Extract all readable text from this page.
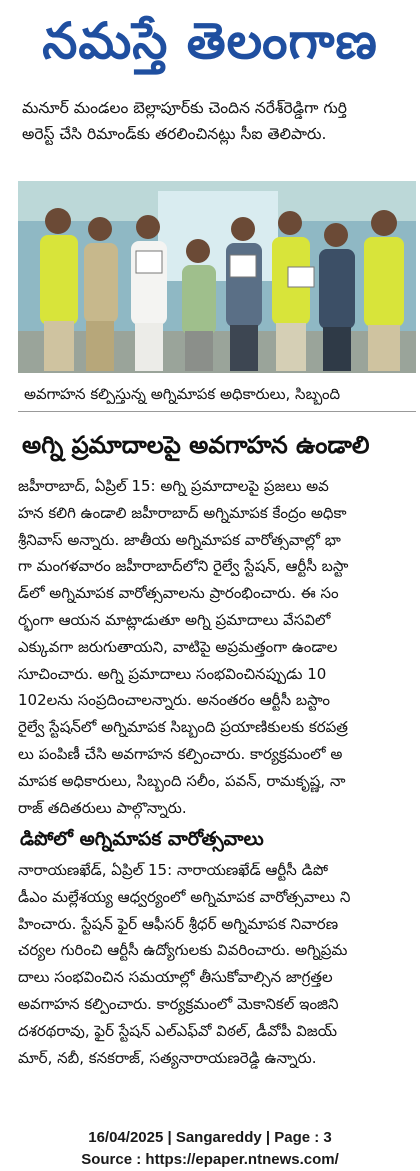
నమస్తే తెలంగాణ

మనూర్ మండలం బెల్లాపూర్‌కు చెందిన నరేశ్‌రెడ్డిగా గుర్తి

అరెస్ట్ చేసి రిమాండ్‌కు తరలించినట్లు సీఐ తెలిపారు.

అవగాహన కల్పిస్తున్న అగ్నిమాపక అధికారులు, సిబ్బంది
అగ్ని ప్రమాదాలపై అవగాహన ఉండాలి

జహీరాబాద్, ఏప్రిల్ 15: అగ్ని ప్రమాదాలపై ప్రజలు అవ

హన కలిగి ఉండాలి జహీరాబాద్ అగ్నిమాపక కేంద్రం అధికా

శ్రీనివాస్ అన్నారు. జాతీయ అగ్నిమాపక వారోత్సవాల్లో భా

గా మంగళవారం జహీరాబాద్‌లోని రైల్వే స్టేషన్, ఆర్టీసీ బస్టా

డ్‌లో అగ్నిమాపక వారోత్సవాలను ప్రారంభించారు. ఈ సం

ర్భంగా ఆయన మాట్లాడుతూ అగ్ని ప్రమాదాలు వేసవిలో

ఎక్కువగా జరుగుతాయని, వాటిపై అప్రమత్తంగా ఉండాల

సూచించారు. అగ్ని ప్రమాదాలు సంభవించినప్పుడు 10

102లను సంప్రదించాలన్నారు. అనంతరం ఆర్టీసీ బస్టాం

రైల్వే స్టేషన్‌లో అగ్నిమాపక సిబ్బంది ప్రయాణికులకు కరపత్ర

లు పంపిణీ చేసి అవగాహన కల్పించారు. కార్యక్రమంలో అ

మాపక అధికారులు, సిబ్బంది సలీం, పవన్, రామకృష్ణ, నా

రాజ్ తదితరులు పాల్గొన్నారు.

డిపోలో అగ్నిమాపక వారోత్సవాలు

నారాయణఖేడ్, ఏప్రిల్ 15: నారాయణఖేడ్ ఆర్టీసీ డిపో

డీఎం మల్లేశయ్య ఆధ్వర్యంలో అగ్నిమాపక వారోత్సవాలు ని

హించారు. స్టేషన్ ఫైర్ ఆఫీసర్ శ్రీధర్ అగ్నిమాపక నివారణ

చర్యల గురించి ఆర్టీసీ ఉద్యోగులకు వివరించారు. అగ్నిప్రమ

దాలు సంభవించిన సమయాల్లో తీసుకోవాల్సిన జాగ్రత్తల

అవగాహన కల్పించారు. కార్యక్రమంలో మెకానికల్ ఇంజిని

దశరథరావు, ఫైర్ స్టేషన్ ఎల్ఎఫ్‌వో విఠల్, డీవోపీ విజయ్

మార్, నబీ, కనకరాజ్, సత్యనారాయణరెడ్డి ఉన్నారు.

16/04/2025 | Sangareddy | Page : 3
Source : https://epaper.ntnews.com/
